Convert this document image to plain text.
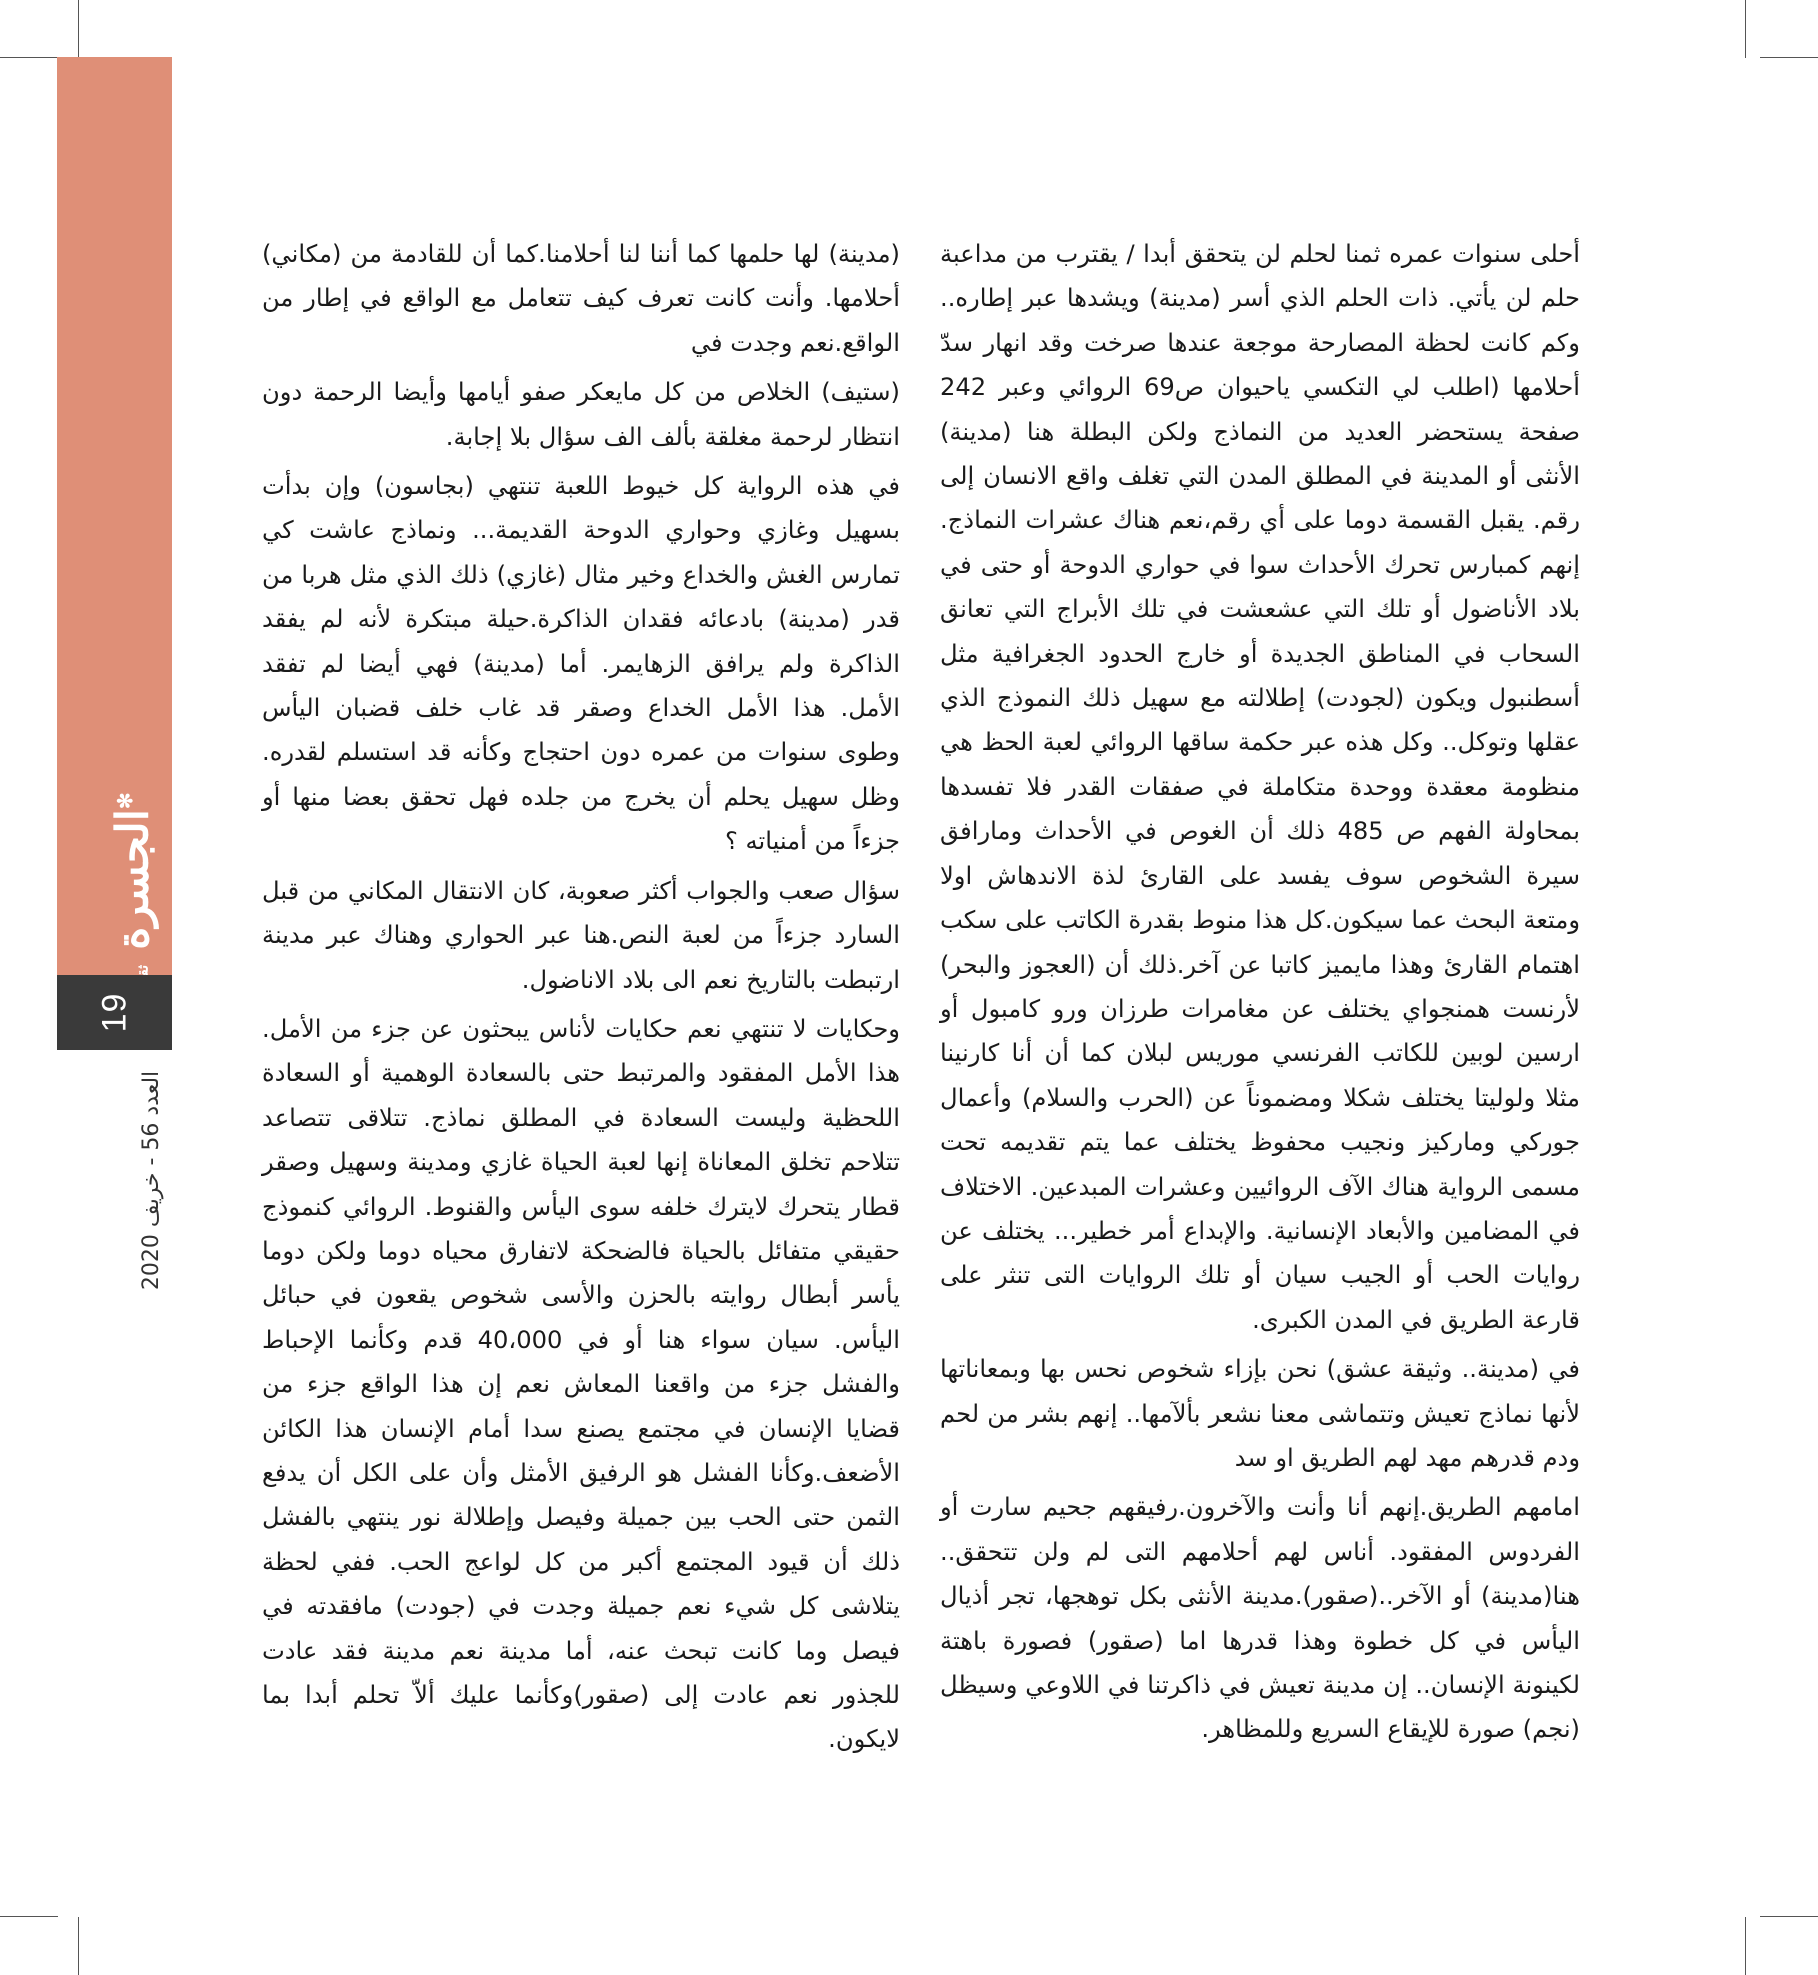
✻الجسرة
19
العدد 56 - خريف 2020

أحلى سنوات عمره ثمنا لحلم لن يتحقق أبدا / يقترب من مداعبة حلم لن يأتي. ذات الحلم الذي أسر (مدينة) ويشدها عبر إطاره.. وكم كانت لحظة المصارحة موجعة عندها صرخت وقد انهار سدّ أحلامها (اطلب لي التكسي ياحيوان ص69 الروائي وعبر 242 صفحة يستحضر العديد من النماذج ولكن البطلة هنا (مدينة) الأنثى أو المدينة في المطلق المدن التي تغلف واقع الانسان إلى رقم. يقبل القسمة دوما على أي رقم،نعم هناك عشرات النماذج. إنهم كمبارس تحرك الأحداث سوا في حواري الدوحة أو حتى في بلاد الأناضول أو تلك التي عشعشت في تلك الأبراج التي تعانق السحاب في المناطق الجديدة أو خارج الحدود الجغرافية مثل أسطنبول ويكون (لجودت) إطلالته مع سهيل ذلك النموذج الذي عقلها وتوكل.. وكل هذه عبر حكمة ساقها الروائي لعبة الحظ هي منظومة معقدة ووحدة متكاملة في صفقات القدر فلا تفسدها بمحاولة الفهم ص 485 ذلك أن الغوص في الأحداث ومارافق سيرة الشخوص سوف يفسد على القارئ لذة الاندهاش اولا ومتعة البحث عما سيكون.كل هذا منوط بقدرة الكاتب على سكب اهتمام القارئ وهذا مايميز كاتبا عن آخر.ذلك أن (العجوز والبحر) لأرنست همنجواي يختلف عن مغامرات طرزان ورو كامبول أو ارسين لوبين للكاتب الفرنسي موريس لبلان كما أن أنا كارنينا مثلا ولوليتا يختلف شكلا ومضموناً عن (الحرب والسلام) وأعمال جوركي وماركيز ونجيب محفوظ يختلف عما يتم تقديمه تحت مسمى الرواية هناك الآف الروائيين وعشرات المبدعين. الاختلاف في المضامين والأبعاد الإنسانية. والإبداع أمر خطير... يختلف عن روايات الحب أو الجيب سيان أو تلك الروايات التى تنثر على قارعة الطريق في المدن الكبرى.

في (مدينة.. وثيقة عشق) نحن بإزاء شخوص نحس بها وبمعاناتها لأنها نماذج تعيش وتتماشى معنا نشعر بألآمها.. إنهم بشر من لحم ودم قدرهم مهد لهم الطريق او سد

امامهم الطريق.إنهم أنا وأنت والآخرون.رفيقهم جحيم سارت أو الفردوس المفقود. أناس لهم أحلامهم التى لم ولن تتحقق.. هنا(مدينة) أو الآخر..(صقور).مدينة الأنثى بكل توهجها، تجر أذيال اليأس في كل خطوة وهذا قدرها اما (صقور) فصورة باهتة لكينونة الإنسان.. إن مدينة تعيش في ذاكرتنا في اللاوعي وسيظل (نجم) صورة للإيقاع السريع وللمظاهر.

(مدينة) لها حلمها كما أننا لنا أحلامنا.كما أن للقادمة من (مكاني) أحلامها. وأنت كانت تعرف كيف تتعامل مع الواقع في إطار من الواقع.نعم وجدت في

(ستيف) الخلاص من كل مايعكر صفو أيامها وأيضا الرحمة دون انتظار لرحمة مغلقة بألف الف سؤال بلا إجابة.

في هذه الرواية كل خيوط اللعبة تنتهي (بجاسون) وإن بدأت بسهيل وغازي وحواري الدوحة القديمة... ونماذج عاشت كي تمارس الغش والخداع وخير مثال (غازي) ذلك الذي مثل هربا من قدر (مدينة) بادعائه فقدان الذاكرة.حيلة مبتكرة لأنه لم يفقد الذاكرة ولم يرافق الزهايمر. أما (مدينة) فهي أيضا لم تفقد الأمل. هذا الأمل الخداع وصقر قد غاب خلف قضبان اليأس وطوى سنوات من عمره دون احتجاج وكأنه قد استسلم لقدره. وظل سهيل يحلم أن يخرج من جلده فهل تحقق بعضا منها أو جزءاً من أمنياته ؟

سؤال صعب والجواب أكثر صعوبة، كان الانتقال المكاني من قبل السارد جزءاً من لعبة النص.هنا عبر الحواري وهناك عبر مدينة ارتبطت بالتاريخ نعم الى بلاد الاناضول.

وحكايات لا تنتهي نعم حكايات لأناس يبحثون عن جزء من الأمل. هذا الأمل المفقود والمرتبط حتى بالسعادة الوهمية أو السعادة اللحظية وليست السعادة في المطلق نماذج. تتلاقى تتصاعد تتلاحم تخلق المعاناة إنها لعبة الحياة غازي ومدينة وسهيل وصقر قطار يتحرك لايترك خلفه سوى اليأس والقنوط. الروائي كنموذج حقيقي متفائل بالحياة فالضحكة لاتفارق محياه دوما ولكن دوما يأسر أبطال روايته بالحزن والأسى شخوص يقعون في حبائل اليأس. سيان سواء هنا أو في 40،000 قدم وكأنما الإحباط والفشل جزء من واقعنا المعاش نعم إن هذا الواقع جزء من قضايا الإنسان في مجتمع يصنع سدا أمام الإنسان هذا الكائن الأضعف.وكأنا الفشل هو الرفيق الأمثل وأن على الكل أن يدفع الثمن حتى الحب بين جميلة وفيصل وإطلالة نور ينتهي بالفشل ذلك أن قيود المجتمع أكبر من كل لواعج الحب. ففي لحظة يتلاشى كل شيء نعم جميلة وجدت في (جودت) مافقدته في فيصل وما كانت تبحث عنه، أما مدينة نعم مدينة فقد عادت للجذور نعم عادت إلى (صقور)وكأنما عليك ألاّ تحلم أبدا بما لايكون.
